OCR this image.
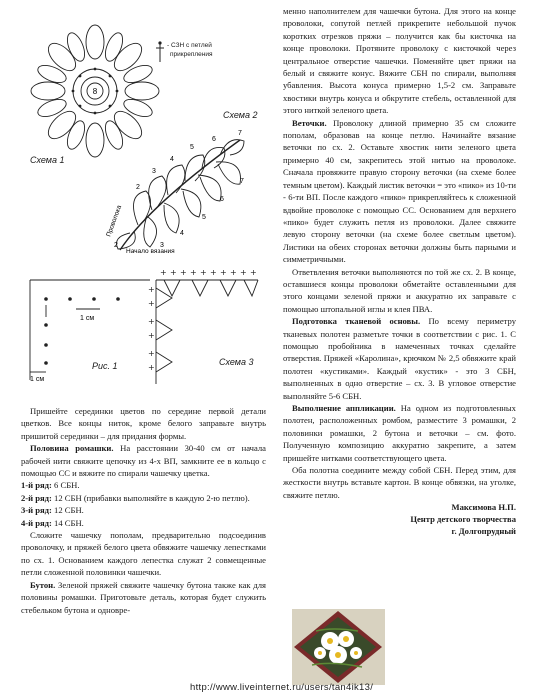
8
- СЗН с петлей
прикрепления
Схема 1
Проволока
Начало вязания
2
3
4
5
6
7
7
6
5
4
3
2
Схема 2
1 см
1 см
Рис. 1
+ + + + + + + + + +
+
+
+
+
+
+
Схема 3

Пришейте серединки цветов по середине первой детали цветков. Все концы ниток, кроме белого заправьте внутрь пришитой серединки – для придания формы.

Половина ромашки. На расстоянии 30-40 см от начала рабочей нити свяжите цепочку из 4-х ВП, замкните ее в кольцо с помощью СС и вяжите по спирали чашечку цветка.

1-й ряд: 6 СБН.

2-й ряд: 12 СБН (прибавки выполняйте в каждую 2-ю петлю).

3-й ряд: 12 СБН.

4-й ряд: 14 СБН.

Сложите чашечку пополам, предварительно подсоединив проволочку, и пряжей белого цвета обвяжите чашечку лепестками по сх. 1. Основанием каждого лепестка служат 2 совмещенные петли сложенной половинки чашечки.

Бутон. Зеленой пряжей свяжите чашечку бутона также как для половины ромашки. Приготовьте деталь, которая будет служить стебельком бутона и одновре-

менно наполнителем для чашечки бутона. Для этого на конце проволоки, сопутой петлей прикрепите небольшой пучок коротких отрезков пряжи – получится как бы кисточка на конце проволоки. Протяните проволоку с кисточкой через центральное отверстие чашечки. Поменяйте цвет пряжи на белый и свяжите конус. Вяжите СБН по спирали, выполняя убавления. Высота конуса примерно 1,5-2 см. Заправьте хвостики внутрь конуса и обкрутите стебель, оставленной для этого ниткой зеленого цвета.

Веточки. Проволоку длиной примерно 35 см сложите пополам, образовав на конце петлю. Начинайте вязание веточки по сх. 2. Оставьте хвостик нити зеленого цвета примерно 40 см, закрепитесь этой нитью на проволоке. Сначала провяжите правую сторону веточки (на схеме более темным цветом). Каждый листик веточки = это «пико» из 10-ти - 6-ти ВП. После каждого «пико» прикрепляйтесь к сложенной вдвойне проволоке с помощью СС. Основанием для верхнего «пико» будет служить петля из проволоки. Далее свяжите левую сторону веточки (на схеме более светлым цветом). Листики на обеих сторонах веточки должны быть парными и симметричными.

Ответвления веточки выполняются по той же сх. 2. В конце, оставшиеся концы проволоки обметайте оставленными для этого концами зеленой пряжи и аккуратно их заправьте с помощью штопальной иглы и клея ПВА.

Подготовка тканевой основы. По всему периметру тканевых полотен разметьте точки в соответствии с рис. 1. С помощью пробойника в намеченных точках сделайте отверстия. Пряжей «Каролина», крючком № 2,5 обвяжите край полотен «кустиками». Каждый «кустик» - это 3 СБН, выполненных в одно отверстие – сх. 3. В угловое отверстие выполняйте 5-6 СБН.

Выполнение аппликации. На одном из подготовленных полотен, расположенных ромбом, разместите 3 ромашки, 2 половинки ромашки, 2 бутона и веточки – см. фото. Полученную композицию аккуратно закрепите, а затем пришейте нитками соответствующего цвета.

Оба полотна соедините между собой СБН. Перед этим, для жесткости внутрь вставьте картон. В конце обвязки, на уголке, свяжите петлю.

Максимова Н.П.
Центр детского творчества
г. Долгопрудный
http://www.liveinternet.ru/users/tan4ik13/
